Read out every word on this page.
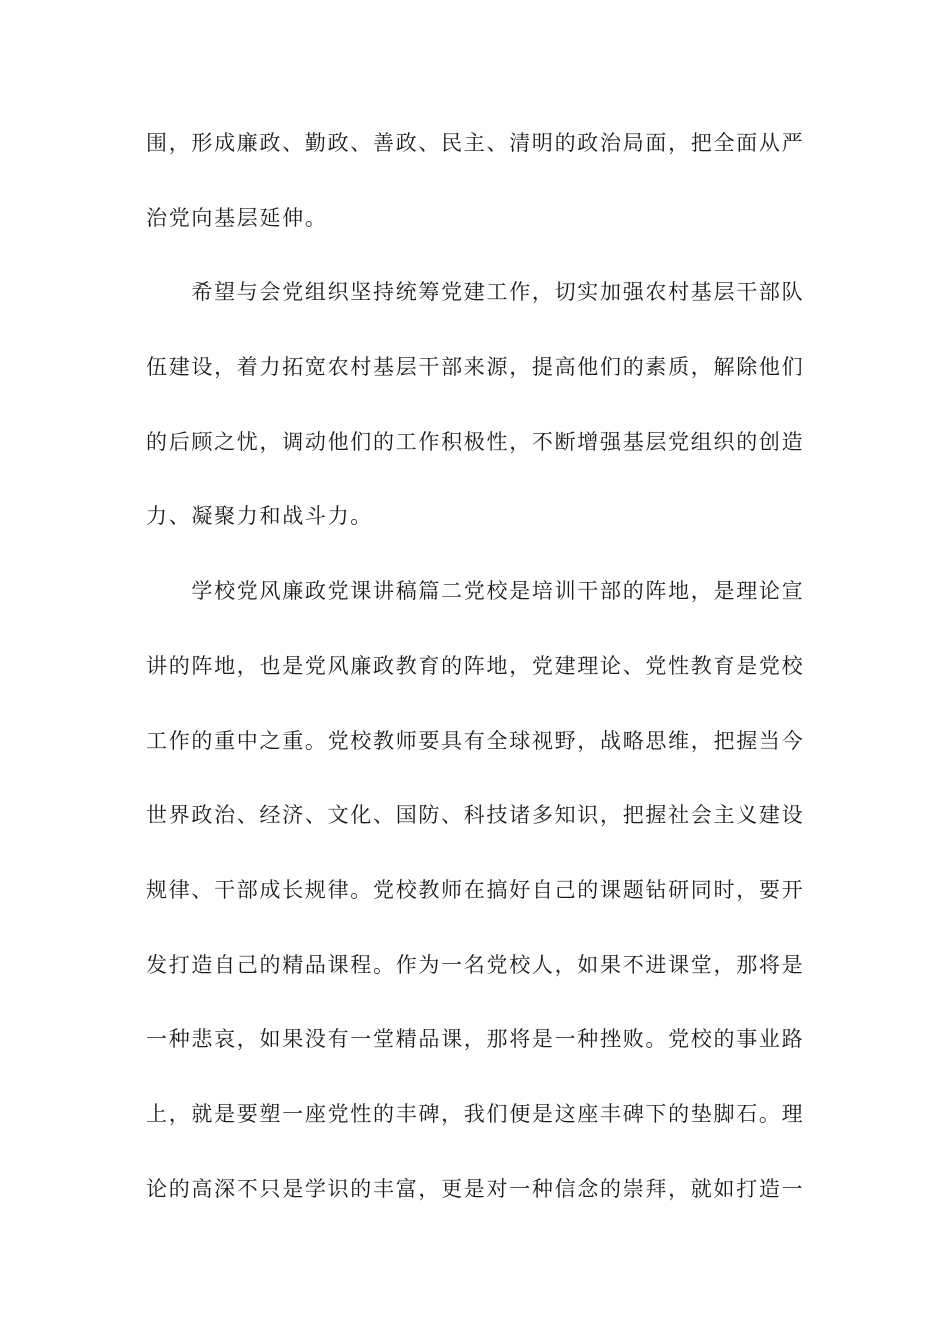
围，形成廉政、勤政、善政、民主、清明的政治局面，把全面从严
治党向基层延伸。
　　希望与会党组织坚持统筹党建工作，切实加强农村基层干部队
伍建设，着力拓宽农村基层干部来源，提高他们的素质，解除他们
的后顾之忧，调动他们的工作积极性，不断增强基层党组织的创造
力、凝聚力和战斗力。
　　学校党风廉政党课讲稿篇二党校是培训干部的阵地，是理论宣
讲的阵地，也是党风廉政教育的阵地，党建理论、党性教育是党校
工作的重中之重。党校教师要具有全球视野，战略思维，把握当今
世界政治、经济、文化、国防、科技诸多知识，把握社会主义建设
规律、干部成长规律。党校教师在搞好自己的课题钻研同时，要开
发打造自己的精品课程。作为一名党校人，如果不进课堂，那将是
一种悲哀，如果没有一堂精品课，那将是一种挫败。党校的事业路
上，就是要塑一座党性的丰碑，我们便是这座丰碑下的垫脚石。理
论的高深不只是学识的丰富，更是对一种信念的崇拜，就如打造一
